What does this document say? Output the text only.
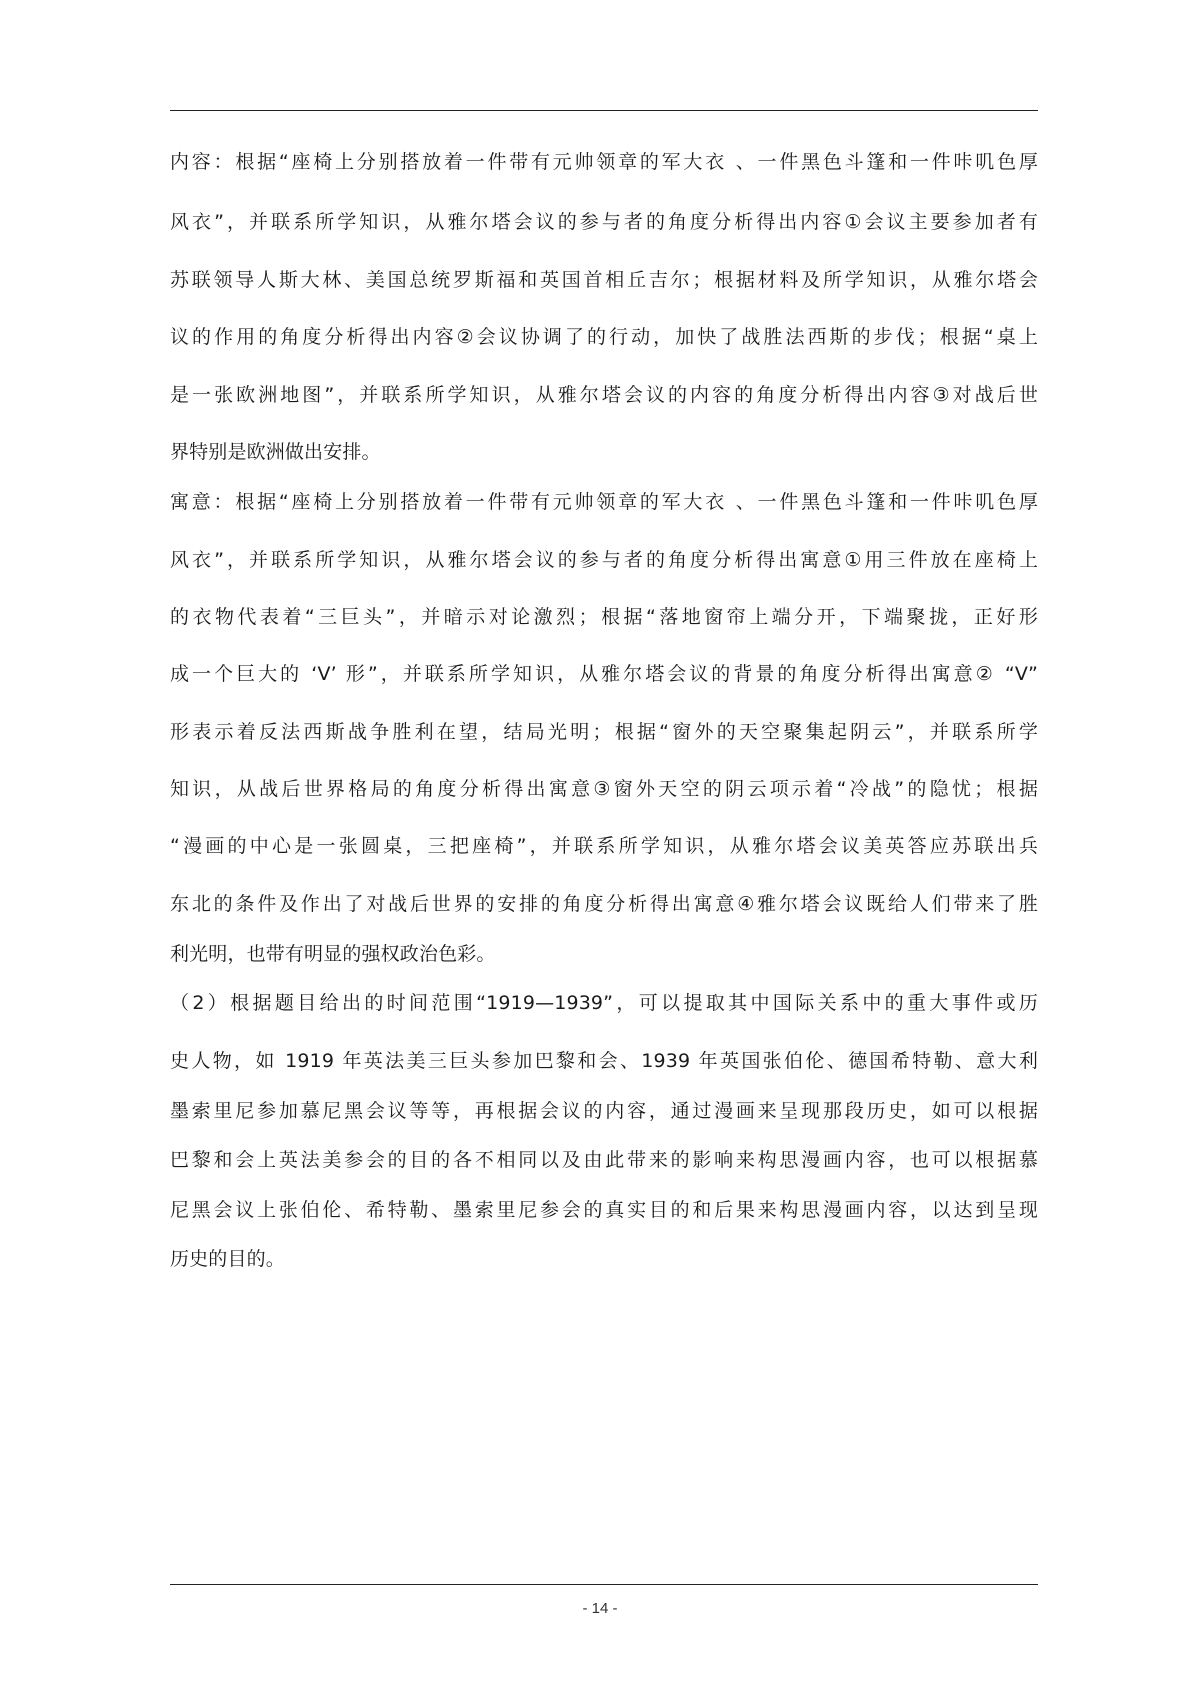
内容：根据“座椅上分别搭放着一件带有元帅领章的军大衣 、一件黑色斗篷和一件咔叽色厚
风衣”，并联系所学知识，从雅尔塔会议的参与者的角度分析得出内容①会议主要参加者有
苏联领导人斯大林、美国总统罗斯福和英国首相丘吉尔；根据材料及所学知识，从雅尔塔会
议的作用的角度分析得出内容②会议协调了的行动，加快了战胜法西斯的步伐；根据“桌上
是一张欧洲地图”，并联系所学知识，从雅尔塔会议的内容的角度分析得出内容③对战后世
界特别是欧洲做出安排。
寓意：根据“座椅上分别搭放着一件带有元帅领章的军大衣 、一件黑色斗篷和一件咔叽色厚
风衣”，并联系所学知识，从雅尔塔会议的参与者的角度分析得出寓意①用三件放在座椅上
的衣物代表着“三巨头”，并暗示对论激烈；根据“落地窗帘上端分开，下端聚拢，正好形
成一个巨大的 ‘V’ 形”，并联系所学知识，从雅尔塔会议的背景的角度分析得出寓意② “V”
形表示着反法西斯战争胜利在望，结局光明；根据“窗外的天空聚集起阴云”，并联系所学
知识，从战后世界格局的角度分析得出寓意③窗外天空的阴云项示着“冷战”的隐忧；根据
“漫画的中心是一张圆桌，三把座椅”，并联系所学知识，从雅尔塔会议美英答应苏联出兵
东北的条件及作出了对战后世界的安排的角度分析得出寓意④雅尔塔会议既给人们带来了胜
利光明，也带有明显的强权政治色彩。
（2）根据题目给出的时间范围“1919—1939”，可以提取其中国际关系中的重大事件或历
史人物，如 1919 年英法美三巨头参加巴黎和会、1939 年英国张伯伦、德国希特勒、意大利
墨索里尼参加慕尼黑会议等等，再根据会议的内容，通过漫画来呈现那段历史，如可以根据
巴黎和会上英法美参会的目的各不相同以及由此带来的影响来构思漫画内容，也可以根据慕
尼黑会议上张伯伦、希特勒、墨索里尼参会的真实目的和后果来构思漫画内容，以达到呈现
历史的目的。
- 14 -
